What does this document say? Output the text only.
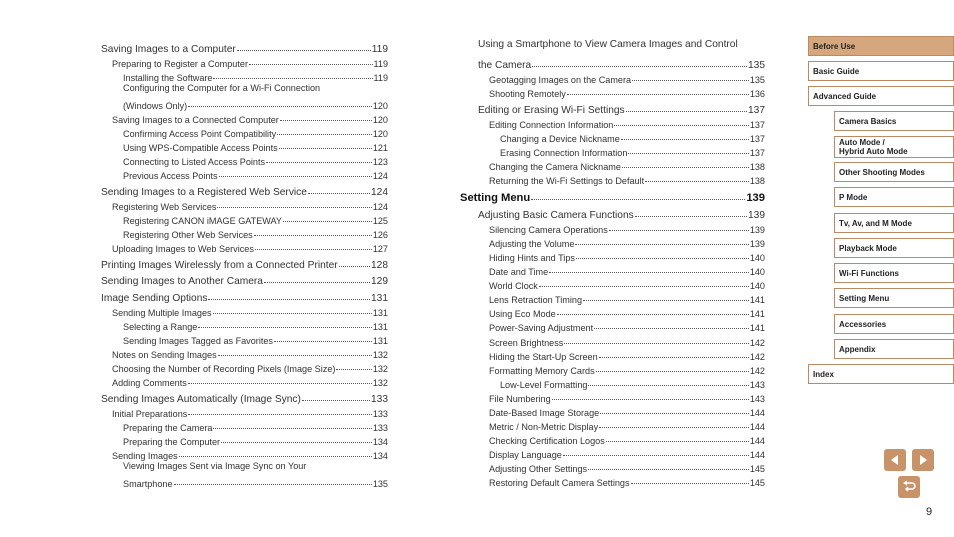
Saving Images to a Computer	119
Preparing to Register a Computer	119
Installing the Software	119
Configuring the Computer for a Wi-Fi Connection
(Windows Only)	120
Saving Images to a Connected Computer	120
Confirming Access Point Compatibility	120
Using WPS-Compatible Access Points	121
Connecting to Listed Access Points	123
Previous Access Points	124
Sending Images to a Registered Web Service	124
Registering Web Services	124
Registering CANON iMAGE GATEWAY	125
Registering Other Web Services	126
Uploading Images to Web Services	127
Printing Images Wirelessly from a Connected Printer	128
Sending Images to Another Camera	129
Image Sending Options	131
Sending Multiple Images	131
Selecting a Range	131
Sending Images Tagged as Favorites	131
Notes on Sending Images	132
Choosing the Number of Recording Pixels (Image Size)	132
Adding Comments	132
Sending Images Automatically (Image Sync)	133
Initial Preparations	133
Preparing the Camera	133
Preparing the Computer	134
Sending Images	134
Viewing Images Sent via Image Sync on Your
Smartphone	135
Using a Smartphone to View Camera Images and Control
the Camera	135
Geotagging Images on the Camera	135
Shooting Remotely	136
Editing or Erasing Wi-Fi Settings	137
Editing Connection Information	137
Changing a Device Nickname	137
Erasing Connection Information	137
Changing the Camera Nickname	138
Returning the Wi-Fi Settings to Default	138
Setting Menu	139
Adjusting Basic Camera Functions	139
Silencing Camera Operations	139
Adjusting the Volume	139
Hiding Hints and Tips	140
Date and Time	140
World Clock	140
Lens Retraction Timing	141
Using Eco Mode	141
Power-Saving Adjustment	141
Screen Brightness	142
Hiding the Start-Up Screen	142
Formatting Memory Cards	142
Low-Level Formatting	143
File Numbering	143
Date-Based Image Storage	144
Metric / Non-Metric Display	144
Checking Certification Logos	144
Display Language	144
Adjusting Other Settings	145
Restoring Default Camera Settings	145
Before Use
Basic Guide
Advanced Guide
Camera Basics
Auto Mode /
Hybrid Auto Mode
Other Shooting Modes
P Mode
Tv, Av, and M Mode
Playback Mode
Wi-Fi Functions
Setting Menu
Accessories
Appendix
Index
9
